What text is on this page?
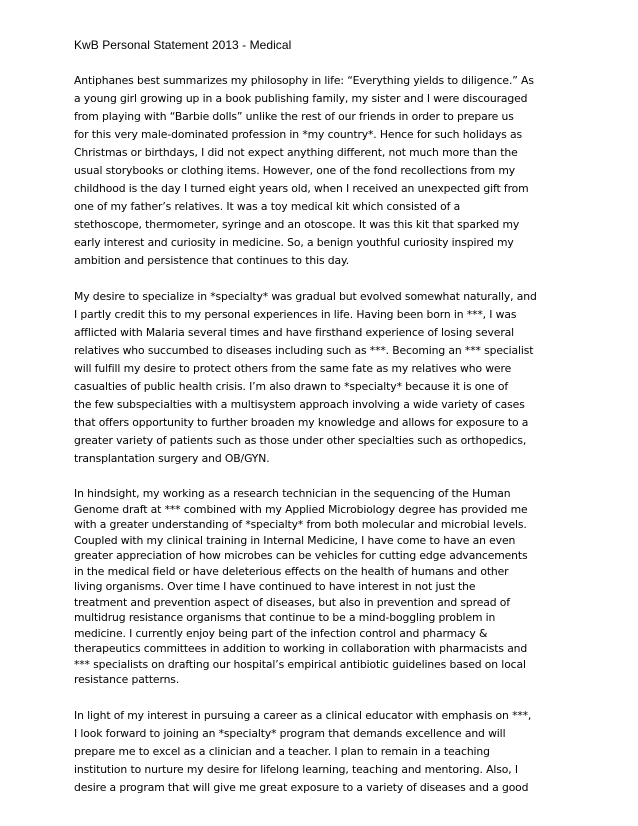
KwB Personal Statement 2013 - Medical

Antiphanes best summarizes my philosophy in life: “Everything yields to diligence.” As
a young girl growing up in a book publishing family, my sister and I were discouraged
from playing with “Barbie dolls” unlike the rest of our friends in order to prepare us
for this very male-dominated profession in *my country*. Hence for such holidays as
Christmas or birthdays, I did not expect anything different, not much more than the
usual storybooks or clothing items. However, one of the fond recollections from my
childhood is the day I turned eight years old, when I received an unexpected gift from
one of my father’s relatives. It was a toy medical kit which consisted of a
stethoscope, thermometer, syringe and an otoscope. It was this kit that sparked my
early interest and curiosity in medicine. So, a benign youthful curiosity inspired my
ambition and persistence that continues to this day.

My desire to specialize in *specialty* was gradual but evolved somewhat naturally, and
I partly credit this to my personal experiences in life. Having been born in ***, I was
afflicted with Malaria several times and have firsthand experience of losing several
relatives who succumbed to diseases including such as ***. Becoming an *** specialist
will fulfill my desire to protect others from the same fate as my relatives who were
casualties of public health crisis. I’m also drawn to *specialty* because it is one of
the few subspecialties with a multisystem approach involving a wide variety of cases
that offers opportunity to further broaden my knowledge and allows for exposure to a
greater variety of patients such as those under other specialties such as orthopedics,
transplantation surgery and OB/GYN.

In hindsight, my working as a research technician in the sequencing of the Human
Genome draft at *** combined with my Applied Microbiology degree has provided me
with a greater understanding of *specialty* from both molecular and microbial levels.
Coupled with my clinical training in Internal Medicine, I have come to have an even
greater appreciation of how microbes can be vehicles for cutting edge advancements
in the medical field or have deleterious effects on the health of humans and other
living organisms. Over time I have continued to have interest in not just the
treatment and prevention aspect of diseases, but also in prevention and spread of
multidrug resistance organisms that continue to be a mind-boggling problem in
medicine. I currently enjoy being part of the infection control and pharmacy &
therapeutics committees in addition to working in collaboration with pharmacists and
*** specialists on drafting our hospital’s empirical antibiotic guidelines based on local
resistance patterns.

In light of my interest in pursuing a career as a clinical educator with emphasis on ***,
I look forward to joining an *specialty* program that demands excellence and will
prepare me to excel as a clinician and a teacher. I plan to remain in a teaching
institution to nurture my desire for lifelong learning, teaching and mentoring. Also, I
desire a program that will give me great exposure to a variety of diseases and a good
